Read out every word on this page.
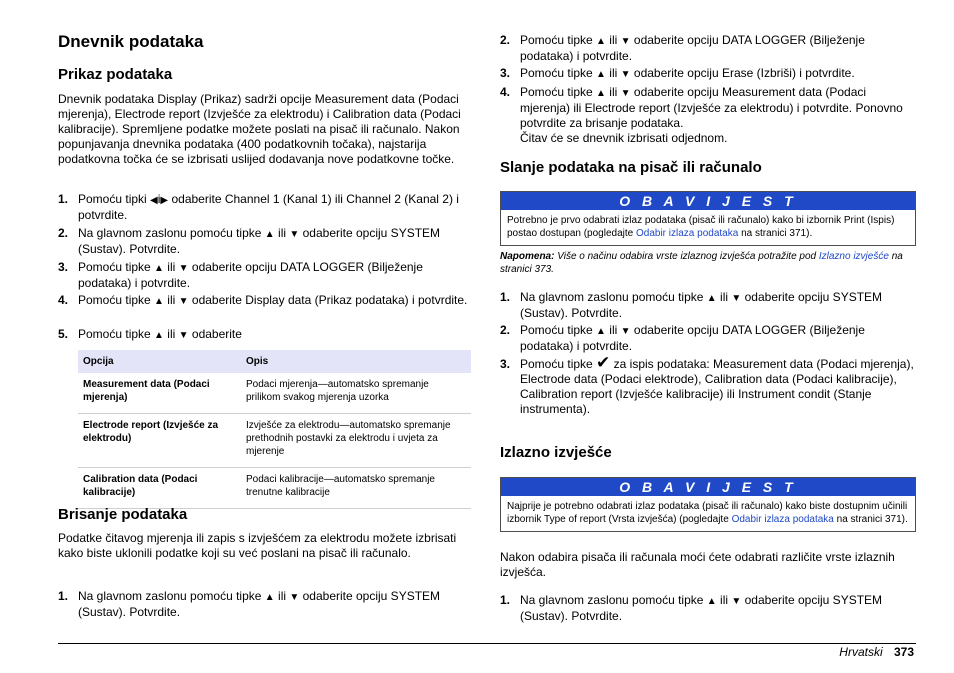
Dnevnik podataka
Prikaz podataka

Dnevnik podataka Display (Prikaz) sadrži opcije Measurement data (Podaci mjerenja), Electrode report (Izvješće za elektrodu) i Calibration data (Podaci kalibracije). Spremljene podatke možete poslati na pisač ili računalo. Nakon popunjavanja dnevnika podataka (400 podatkovnih točaka), najstarija podatkovna točka će se izbrisati uslijed dodavanja nove podatkovne točke.

1. Pomoću tipki ◀i▶ odaberite Channel 1 (Kanal 1) ili Channel 2 (Kanal 2) i potvrdite.
2. Na glavnom zaslonu pomoću tipke ▲ ili ▼ odaberite opciju SYSTEM (Sustav). Potvrdite.
3. Pomoću tipke ▲ ili ▼ odaberite opciju DATA LOGGER (Bilježenje podataka) i potvrdite.
4. Pomoću tipke ▲ ili ▼ odaberite Display data (Prikaz podataka) i potvrdite.
5. Pomoću tipke ▲ ili ▼ odaberite
Opcija	Opis
Measurement data (Podaci mjerenja)	Podaci mjerenja—automatsko spremanje prilikom svakog mjerenja uzorka
Electrode report (Izvješće za elektrodu)	Izvješće za elektrodu—automatsko spremanje prethodnih postavki za elektrodu i uvjeta za mjerenje
Calibration data (Podaci kalibracije)	Podaci kalibracije—automatsko spremanje trenutne kalibracije
Brisanje podataka

Podatke čitavog mjerenja ili zapis s izvješćem za elektrodu možete izbrisati kako biste uklonili podatke koji su već poslani na pisač ili računalo.

1. Na glavnom zaslonu pomoću tipke ▲ ili ▼ odaberite opciju SYSTEM (Sustav). Potvrdite.
2. Pomoću tipke ▲ ili ▼ odaberite opciju DATA LOGGER (Bilježenje podataka) i potvrdite.
3. Pomoću tipke ▲ ili ▼ odaberite opciju Erase (Izbriši) i potvrdite.
4. Pomoću tipke ▲ ili ▼ odaberite opciju Measurement data (Podaci mjerenja) ili Electrode report (Izvješće za elektrodu) i potvrdite. Ponovno potvrdite za brisanje podataka.
Čitav će se dnevnik izbrisati odjednom.
Slanje podataka na pisač ili računalo
O B A V I J E S T
Potrebno je prvo odabrati izlaz podataka (pisač ili računalo) kako bi izbornik Print (Ispis) postao dostupan (pogledajte Odabir izlaza podataka na stranici 371).
Napomena: Više o načinu odabira vrste izlaznog izvješća potražite pod Izlazno izvješće na stranici 373.
1. Na glavnom zaslonu pomoću tipke ▲ ili ▼ odaberite opciju SYSTEM (Sustav). Potvrdite.
2. Pomoću tipke ▲ ili ▼ odaberite opciju DATA LOGGER (Bilježenje podataka) i potvrdite.
3. Pomoću tipke ✔ za ispis podataka: Measurement data (Podaci mjerenja), Electrode data (Podaci elektrode), Calibration data (Podaci kalibracije), Calibration report (Izvješće kalibracije) ili Instrument condit (Stanje instrumenta).
Izlazno izvješće
O B A V I J E S T
Najprije je potrebno odabrati izlaz podataka (pisač ili računalo) kako biste dostupnim učinili izbornik Type of report (Vrsta izvješća) (pogledajte Odabir izlaza podataka na stranici 371).

Nakon odabira pisača ili računala moći ćete odabrati različite vrste izlaznih izvješća.

1. Na glavnom zaslonu pomoću tipke ▲ ili ▼ odaberite opciju SYSTEM (Sustav). Potvrdite.
Hrvatski 373
